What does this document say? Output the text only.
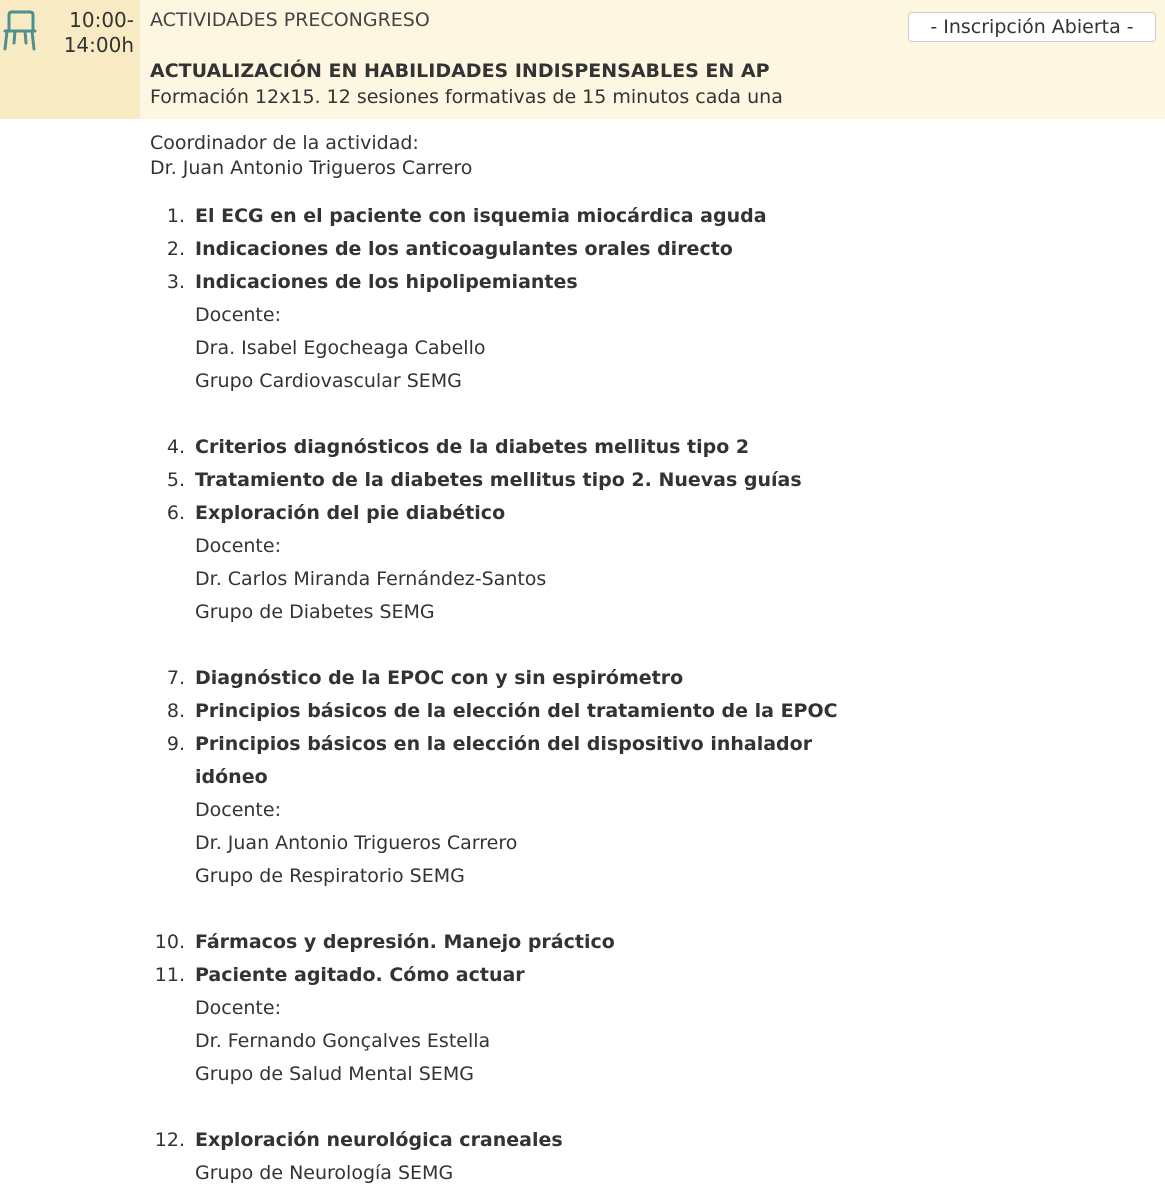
10:00-
14:00h
ACTIVIDADES PRECONGRESO	- Inscripción Abierta -
ACTUALIZACIÓN EN HABILIDADES INDISPENSABLES EN AP
Formación 12x15. 12 sesiones formativas de 15 minutos cada una
Coordinador de la actividad:
Dr. Juan Antonio Trigueros Carrero
1. El ECG en el paciente con isquemia miocárdica aguda
2. Indicaciones de los anticoagulantes orales directo
3. Indicaciones de los hipolipemiantes
Docente:
Dra. Isabel Egocheaga Cabello
Grupo Cardiovascular SEMG
4. Criterios diagnósticos de la diabetes mellitus tipo 2
5. Tratamiento de la diabetes mellitus tipo 2. Nuevas guías
6. Exploración del pie diabético
Docente:
Dr. Carlos Miranda Fernández-Santos
Grupo de Diabetes SEMG
7. Diagnóstico de la EPOC con y sin espirómetro
8. Principios básicos de la elección del tratamiento de la EPOC
9. Principios básicos en la elección del dispositivo inhalador idóneo
Docente:
Dr. Juan Antonio Trigueros Carrero
Grupo de Respiratorio SEMG
10. Fármacos y depresión. Manejo práctico
11. Paciente agitado. Cómo actuar
Docente:
Dr. Fernando Gonçalves Estella
Grupo de Salud Mental SEMG
12. Exploración neurológica craneales
Grupo de Neurología SEMG
